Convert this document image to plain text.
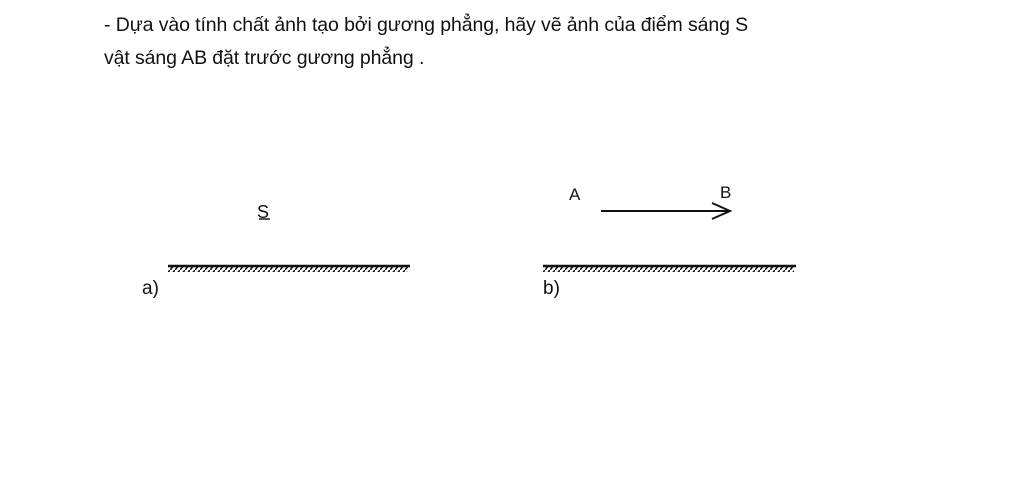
- Dựa vào tính chất ảnh tạo bởi gương phẳng, hãy vẽ ảnh của điểm sáng S
vật sáng AB đặt trước gương phẳng .
S
a)
A	B
b)
